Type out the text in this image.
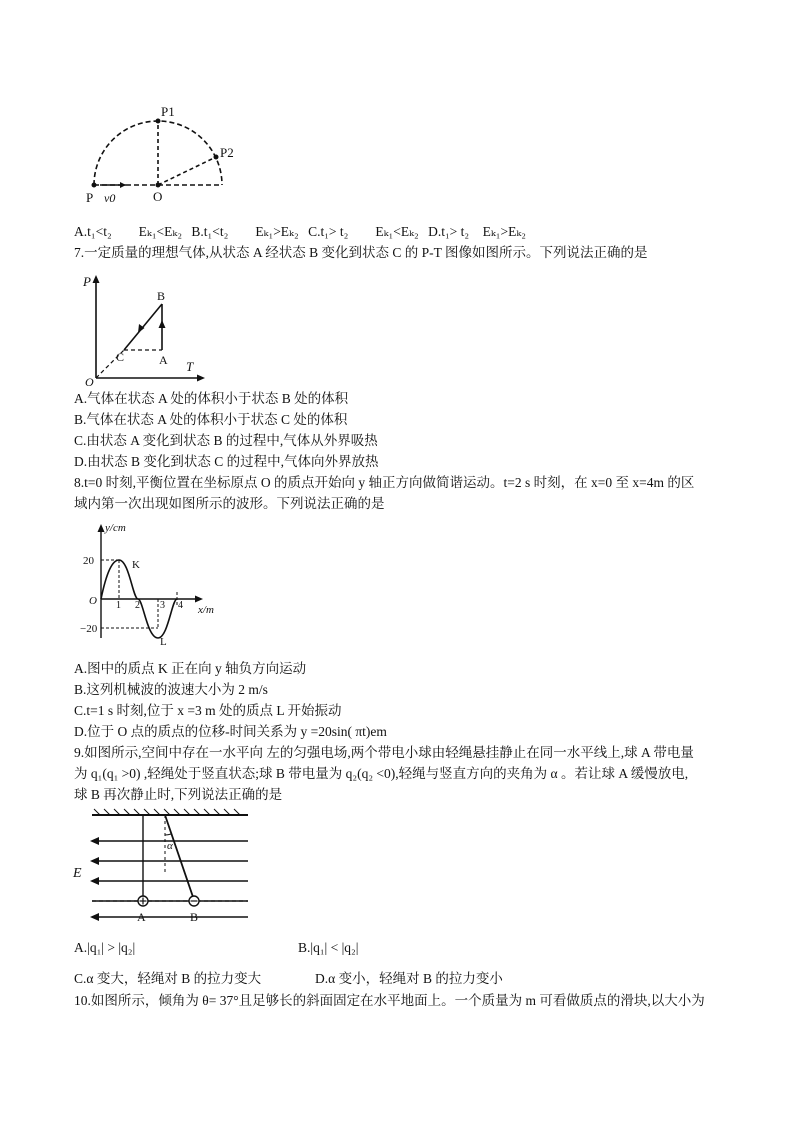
P1
P2
O
P v0
A.t₁<t₂　　Eₖ₁<Eₖ₂ B.t₁<t₂　　Eₖ₁>Eₖ₂ C.t₁> t₂　　Eₖ₁<Eₖ₂ D.t₁> t₂　Eₖ₁>Eₖ₂
7.一定质量的理想气体,从状态 A 经状态 B 变化到状态 C 的 P-T 图像如图所示。下列说法正确的是
P
T
O
B
A
C
A.气体在状态 A 处的体积小于状态 B 处的体积
B.气体在状态 A 处的体积小于状态 C 处的体积
C.由状态 A 变化到状态 B 的过程中,气体从外界吸热
D.由状态 B 变化到状态 C 的过程中,气体向外界放热
8.t=0 时刻,平衡位置在坐标原点 O 的质点开始向 y 轴正方向做简谐运动。t=2 s 时刻，在 x=0 至 x=4m 的区
域内第一次出现如图所示的波形。下列说法正确的是
y/cm
x/m
20
−20
O 1 2 3 4
K
L
A.图中的质点 K 正在向 y 轴负方向运动
B.这列机械波的波速大小为 2 m/s
C.t=1 s 时刻,位于 x =3 m 处的质点 L 开始振动
D.位于 O 点的质点的位移-时间关系为 y =20sin( πt)em
9.如图所示,空间中存在一水平向 左的匀强电场,两个带电小球由轻绳悬挂静止在同一水平线上,球 A 带电量
为 q₁(q₁ >0) ,轻绳处于竖直状态;球 B 带电量为 q₂(q₂ <0),轻绳与竖直方向的夹角为 α 。若让球 A 缓慢放电,
球 B 再次静止时,下列说法正确的是
E
A	B
α
A.|q₁| > |q₂|	B.|q₁| < |q₂|
C.α 变大，轻绳对 B 的拉力变大	D.α 变小，轻绳对 B 的拉力变小
10.如图所示，倾角为 θ= 37°且足够长的斜面固定在水平地面上。一个质量为 m 可看做质点的滑块,以大小为
